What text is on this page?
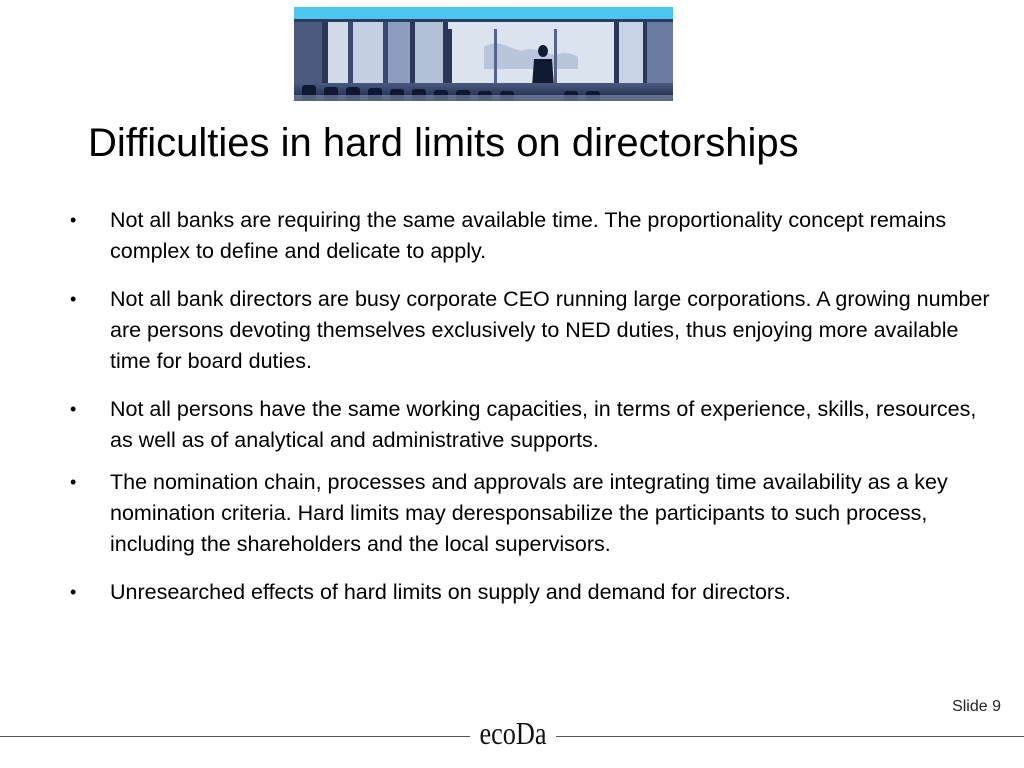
Difficulties in hard limits on directorships
•	Not all banks are requiring the same available time. The proportionality concept remains complex to define and delicate to apply.
•	Not all bank directors are busy corporate CEO running large corporations. A growing number are persons devoting themselves exclusively to NED duties, thus enjoying more available time for board duties.
•	Not all persons have the same working capacities, in terms of experience, skills, resources, as well as of analytical and administrative supports.
•	The nomination chain, processes and approvals are integrating time availability as a key nomination criteria. Hard limits may deresponsabilize the participants to such process, including the shareholders and the local supervisors.
•	Unresearched effects of hard limits on supply and demand for directors.
Slide 9
ecoDa
